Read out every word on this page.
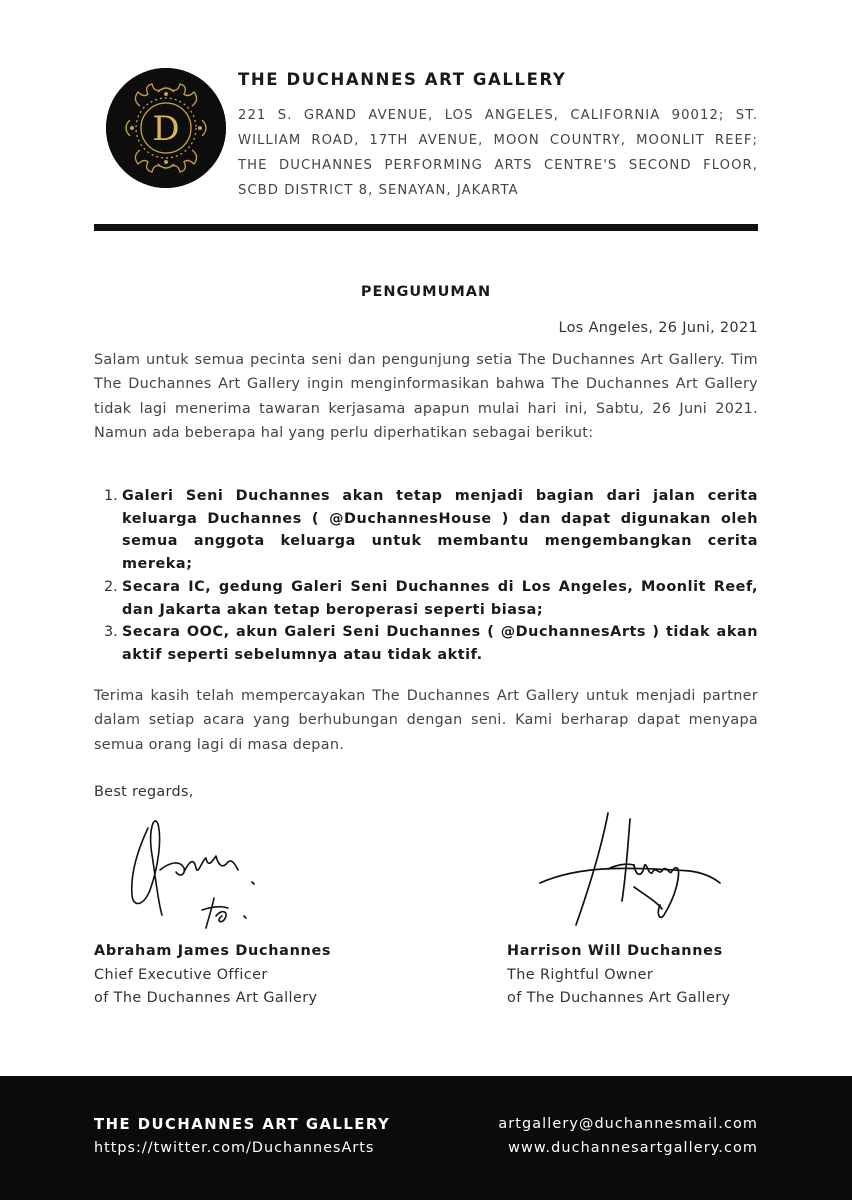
D
THE DUCHANNES ART GALLERY
221 S. GRAND AVENUE, LOS ANGELES, CALIFORNIA 90012; ST. WILLIAM ROAD, 17TH AVENUE, MOON COUNTRY, MOONLIT REEF; THE DUCHANNES PERFORMING ARTS CENTRE'S SECOND FLOOR, SCBD DISTRICT 8, SENAYAN, JAKARTA
PENGUMUMAN
Los Angeles, 26 Juni, 2021
Salam untuk semua pecinta seni dan pengunjung setia The Duchannes Art Gallery. Tim The Duchannes Art Gallery ingin menginformasikan bahwa The Duchannes Art Gallery tidak lagi menerima tawaran kerjasama apapun mulai hari ini, Sabtu, 26 Juni 2021. Namun ada beberapa hal yang perlu diperhatikan sebagai berikut:
1. Galeri Seni Duchannes akan tetap menjadi bagian dari jalan cerita keluarga Duchannes ( @DuchannesHouse ) dan dapat digunakan oleh semua anggota keluarga untuk membantu mengembangkan cerita mereka;
2. Secara IC, gedung Galeri Seni Duchannes di Los Angeles, Moonlit Reef, dan Jakarta akan tetap beroperasi seperti biasa;
3. Secara OOC, akun Galeri Seni Duchannes ( @DuchannesArts ) tidak akan aktif seperti sebelumnya atau tidak aktif.
Terima kasih telah mempercayakan The Duchannes Art Gallery untuk menjadi partner dalam setiap acara yang berhubungan dengan seni. Kami berharap dapat menyapa semua orang lagi di masa depan.
Best regards,
Abraham James Duchannes
Chief Executive Officer
of The Duchannes Art Gallery
Harrison Will Duchannes
The Rightful Owner
of The Duchannes Art Gallery
THE DUCHANNES ART GALLERY
https://twitter.com/DuchannesArts
artgallery@duchannesmail.com
www.duchannesartgallery.com
